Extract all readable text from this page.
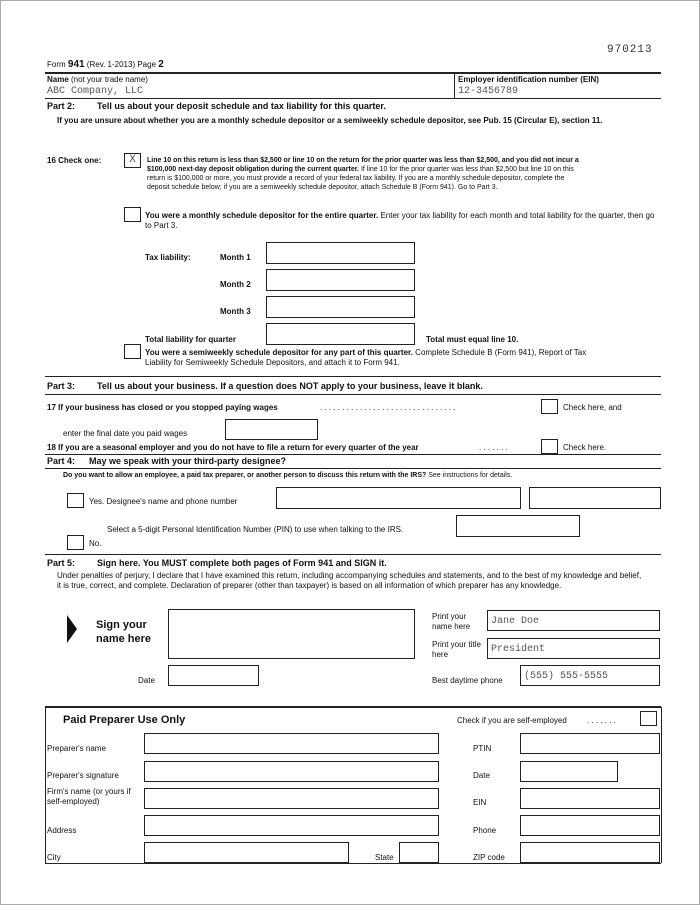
970213
Form 941 (Rev. 1-2013) Page 2
Name (not your trade name)
ABC Company, LLC
Employer identification number (EIN)
12-3456789
Part 2: Tell us about your deposit schedule and tax liability for this quarter.
If you are unsure about whether you are a monthly schedule depositor or a semiweekly schedule depositor, see Pub. 15 (Circular E), section 11.
16 Check one:	X	Line 10 on this return is less than $2,500 or line 10 on the return for the prior quarter was less than $2,500, and you did not incur a $100,000 next-day deposit obligation during the current quarter. If line 10 for the prior quarter was less than $2,500 but line 10 on this return is $100,000 or more, you must provide a record of your federal tax liability. If you are a monthly schedule depositor, complete the deposit schedule below; if you are a semiweekly schedule depositor, attach Schedule B (Form 941). Go to Part 3.
You were a monthly schedule depositor for the entire quarter. Enter your tax liability for each month and total liability for the quarter, then go to Part 3.
Tax liability:	Month 1
Month 2
Month 3
Total liability for quarter	Total must equal line 10.
You were a semiweekly schedule depositor for any part of this quarter. Complete Schedule B (Form 941), Report of Tax Liability for Semiweekly Schedule Depositors, and attach it to Form 941.
Part 3: Tell us about your business. If a question does NOT apply to your business, leave it blank.
17 If your business has closed or you stopped paying wages	. . . . . . . . . . . . . . . . . . . . . . . . . . . . . . .	Check here, and
enter the final date you paid wages
18 If you are a seasonal employer and you do not have to file a return for every quarter of the year	. . . . . . .	Check here.
Part 4: May we speak with your third-party designee?
Do you want to allow an employee, a paid tax preparer, or another person to discuss this return with the IRS? See instructions for details.
Yes. Designee's name and phone number
Select a 5-digit Personal Identification Number (PIN) to use when talking to the IRS.
No.
Part 5: Sign here. You MUST complete both pages of Form 941 and SIGN it.
Under penalties of perjury, I declare that I have examined this return, including accompanying schedules and statements, and to the best of my knowledge and belief, it is true, correct, and complete. Declaration of preparer (other than taxpayer) is based on all information of which preparer has any knowledge.
Sign your name here
Print your name here	Jane Doe
Print your title here	President
Date	Best daytime phone	(555) 555-5555
Paid Preparer Use Only	Check if you are self-employed	. . . . . . .
Preparer's name	PTIN
Preparer's signature	Date
Firm's name (or yours if self-employed)	EIN
Address	Phone
City	State	ZIP code
